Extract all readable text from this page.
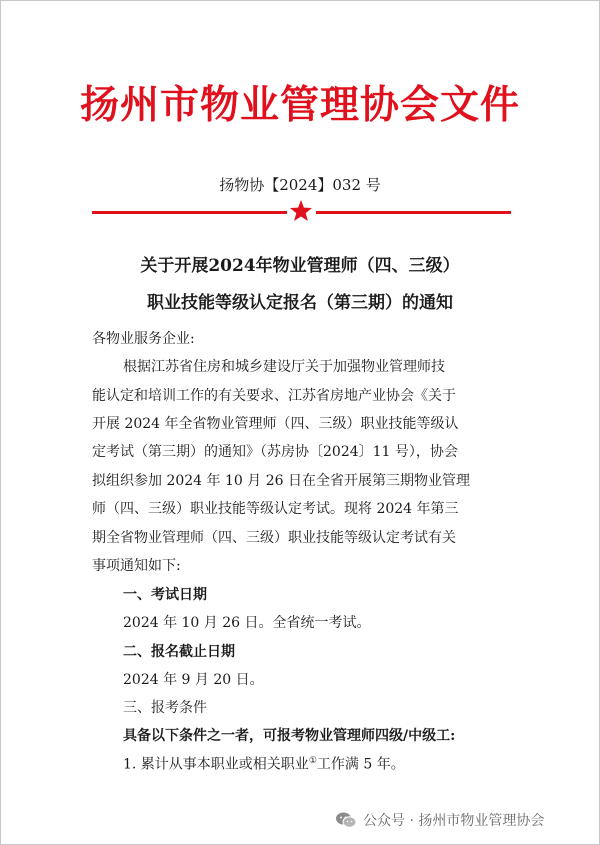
扬州市物业管理协会文件
扬物协【2024】032 号
关于开展2024年物业管理师（四、三级）
职业技能等级认定报名（第三期）的通知
各物业服务企业:
根据江苏省住房和城乡建设厅关于加强物业管理师技
能认定和培训工作的有关要求、江苏省房地产业协会《关于
开展 2024 年全省物业管理师（四、三级）职业技能等级认
定考试（第三期）的通知》（苏房协〔2024〕11 号），协会
拟组织参加 2024 年 10 月 26 日在全省开展第三期物业管理
师（四、三级）职业技能等级认定考试。现将 2024 年第三
期全省物业管理师（四、三级）职业技能等级认定考试有关
事项通知如下:
一、考试日期
2024 年 10 月 26 日。全省统一考试。
二、报名截止日期
2024 年 9 月 20 日。
三、报考条件
具备以下条件之一者，可报考物业管理师四级/中级工:
1. 累计从事本职业或相关职业①工作满 5 年。
公众号 · 扬州市物业管理协会
